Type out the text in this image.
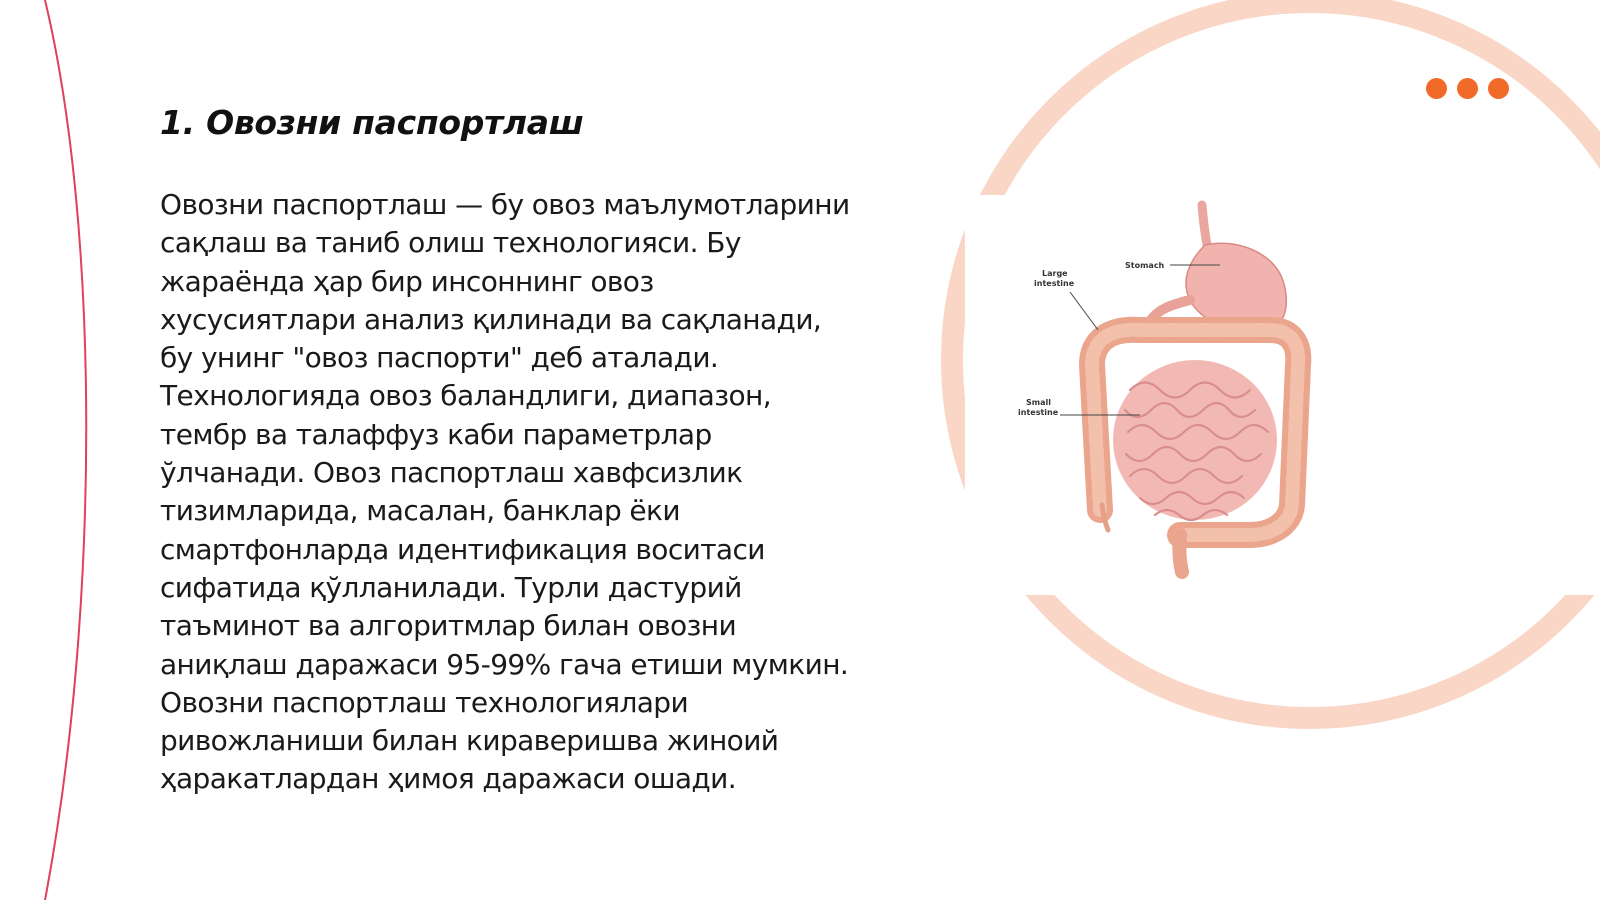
1. Овозни паспортлаш

Овозни паспортлаш — бу овоз маълумотларини сақлаш ва таниб олиш технологияси. Бу жараёнда ҳар бир инсоннинг овоз хусусиятлари анализ қилинади ва сақланади, бу унинг "овоз паспорти" деб аталади. Технологияда овоз баландлиги, диапазон, тембр ва талаффуз каби параметрлар ўлчанади. Овоз паспортлаш хавфсизлик тизимларида, масалан, банклар ёки смартфонларда идентификация воситаси сифатида қўлланилади. Турли дастурий таъминот ва алгоритмлар билан овозни аниқлаш даражаси 95-99% гача етиши мумкин. Овозни паспортлаш технологиялари ривожланиши билан кираверишва жиноий ҳаракатлардан ҳимоя даражаси ошади.

Stomach
Large
intestine
Small
intestine
